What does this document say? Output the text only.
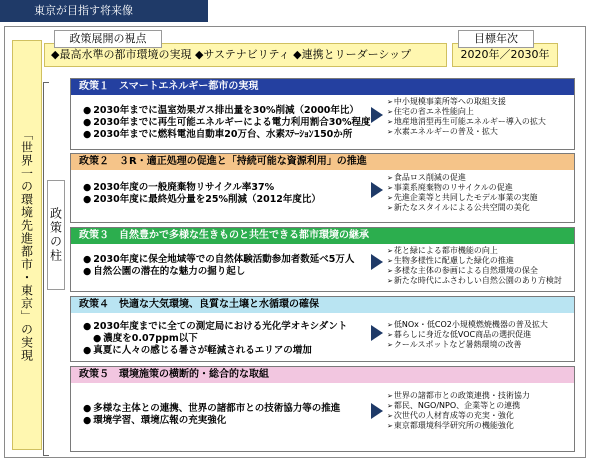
東京が目指す将来像
「世界一の環境先進都市・東京」の実現	政策の柱
◆最高水準の都市環境の実現 ◆サステナビリティ ◆連携とリーダーシップ
政策展開の視点
2020年／2030年
目標年次
政策１　スマートエネルギー都市の実現
● 2030年までに温室効果ガス排出量を30%削減（2000年比）
● 2030年までに再生可能エネルギーによる電力利用割合30%程度
● 2030年までに燃料電池自動車20万台、水素ｽﾃｰｼｮﾝ150か所
➢ 中小規模事業所等への取組支援
➢ 住宅の省エネ性能向上
➢ 地産地消型再生可能エネルギー導入の拡大
➢ 水素エネルギーの普及・拡大
政策２　３R・適正処理の促進と「持続可能な資源利用」の推進
● 2030年度の一般廃棄物リサイクル率37%
● 2030年度に最終処分量を25%削減（2012年度比）
➢ 食品ロス削減の促進
➢ 事業系廃棄物のリサイクルの促進
➢ 先進企業等と共同したモデル事業の実施
➢ 新たなスタイルによる公共空間の美化
政策３　自然豊かで多様な生きものと共生できる都市環境の継承
● 2030年度に保全地域等での自然体験活動参加者数延べ5万人
● 自然公園の潜在的な魅力の掘り起し
➢ 花と緑による都市機能の向上
➢ 生物多様性に配慮した緑化の推進
➢ 多様な主体の参画による自然環境の保全
➢ 新たな時代にふさわしい自然公園のあり方検討
政策４　快適な大気環境、良質な土壌と水循環の確保
● 2030年度までに全ての測定局における光化学オキシダント
● 濃度を0.07ppm以下
● 真夏に人々の感じる暑さが軽減されるエリアの増加
➢ 低NOx・低CO2小規模燃焼機器の普及拡大
➢ 暮らしに身近な低VOC商品の選択促進
➢ クールスポットなど暑熱環境の改善
政策５　環境施策の横断的・総合的な取組
● 多様な主体との連携、世界の諸都市との技術協力等の推進
● 環境学習、環境広報の充実強化
➢ 世界の諸都市との政策連携・技術協力
➢ 都民、NGO/NPO、企業等との連携
➢ 次世代の人材育成等の充実・強化
➢ 東京都環境科学研究所の機能強化
